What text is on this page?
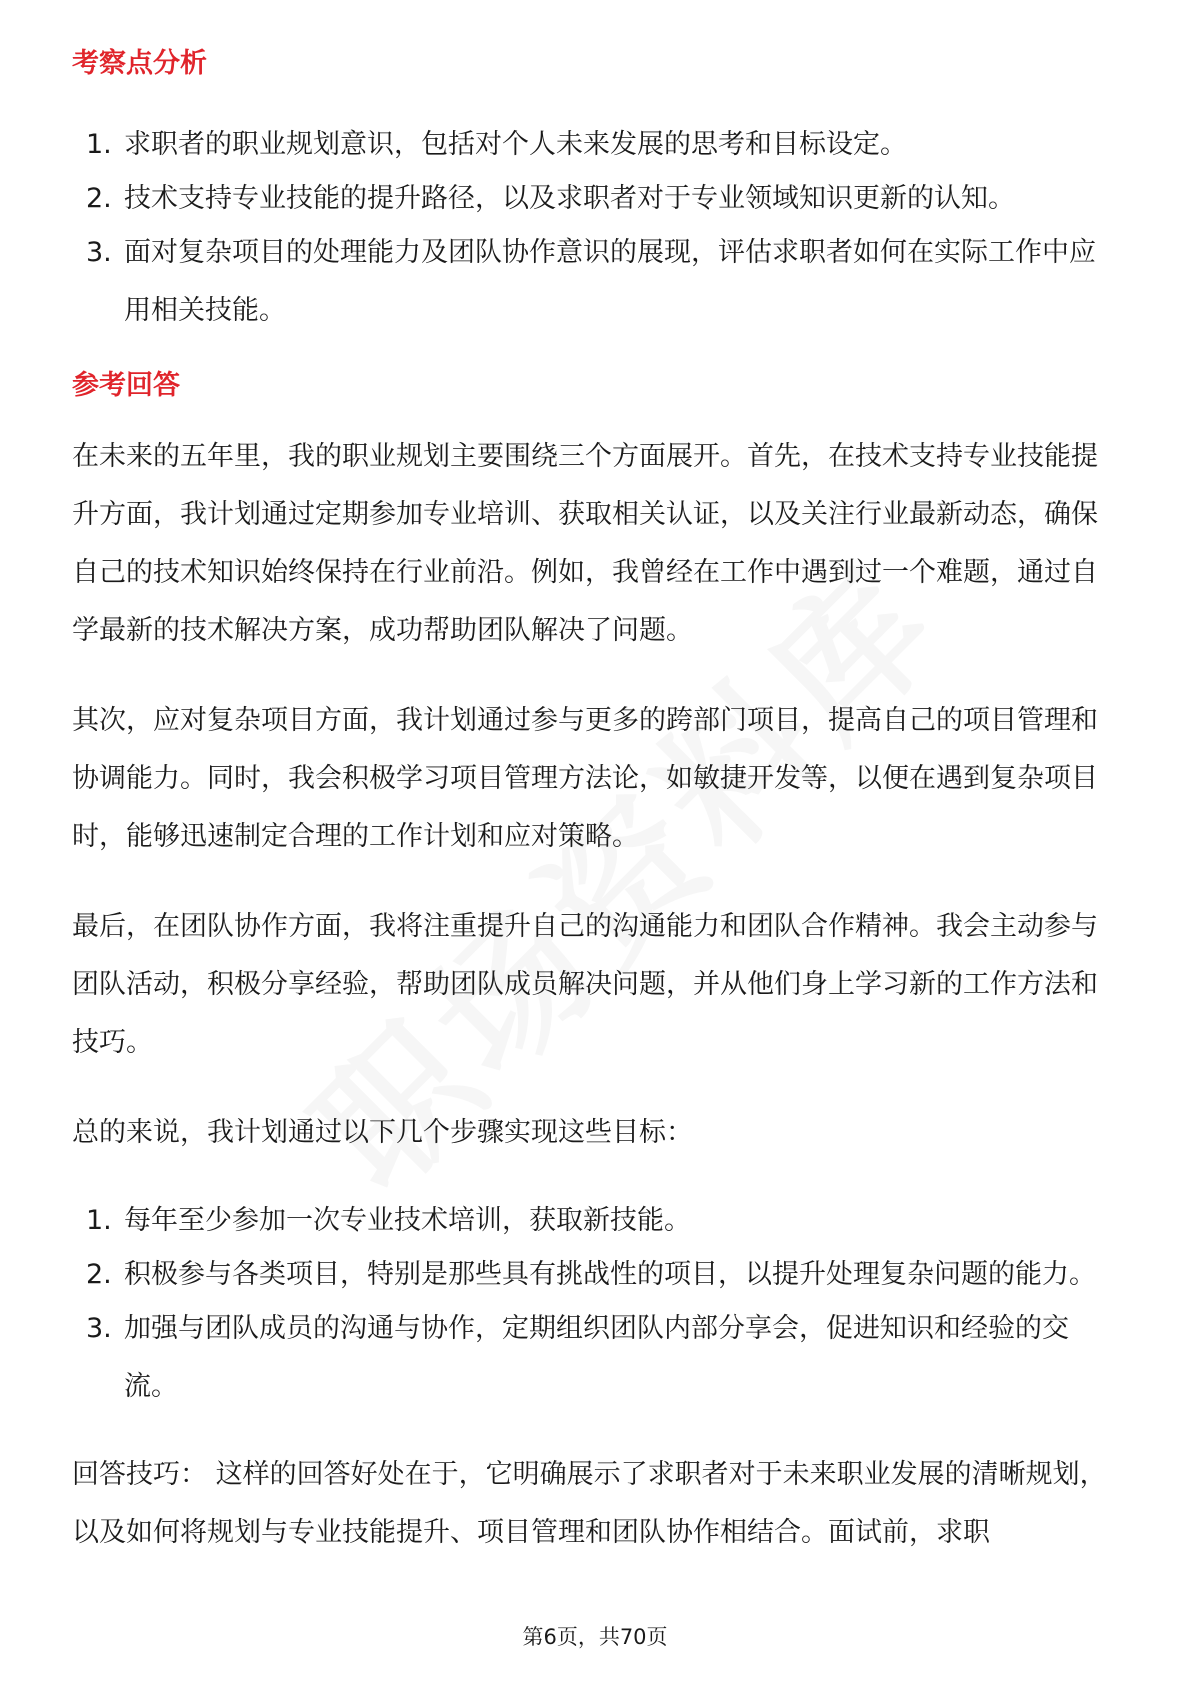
考察点分析
1. 求职者的职业规划意识，包括对个人未来发展的思考和目标设定。
2. 技术支持专业技能的提升路径，以及求职者对于专业领域知识更新的认知。
3. 面对复杂项目的处理能力及团队协作意识的展现，评估求职者如何在实际工作中应用相关技能。
参考回答

在未来的五年里，我的职业规划主要围绕三个方面展开。首先，在技术支持专业技能提升方面，我计划通过定期参加专业培训、获取相关认证，以及关注行业最新动态，确保自己的技术知识始终保持在行业前沿。例如，我曾经在工作中遇到过一个难题，通过自学最新的技术解决方案，成功帮助团队解决了问题。

其次，应对复杂项目方面，我计划通过参与更多的跨部门项目，提高自己的项目管理和协调能力。同时，我会积极学习项目管理方法论，如敏捷开发等，以便在遇到复杂项目时，能够迅速制定合理的工作计划和应对策略。

最后，在团队协作方面，我将注重提升自己的沟通能力和团队合作精神。我会主动参与团队活动，积极分享经验，帮助团队成员解决问题，并从他们身上学习新的工作方法和技巧。

总的来说，我计划通过以下几个步骤实现这些目标：

1. 每年至少参加一次专业技术培训，获取新技能。
2. 积极参与各类项目，特别是那些具有挑战性的项目，以提升处理复杂问题的能力。
3. 加强与团队成员的沟通与协作，定期组织团队内部分享会，促进知识和经验的交流。

回答技巧： 这样的回答好处在于，它明确展示了求职者对于未来职业发展的清晰规划，以及如何将规划与专业技能提升、项目管理和团队协作相结合。面试前，求职

第6页，共70页
